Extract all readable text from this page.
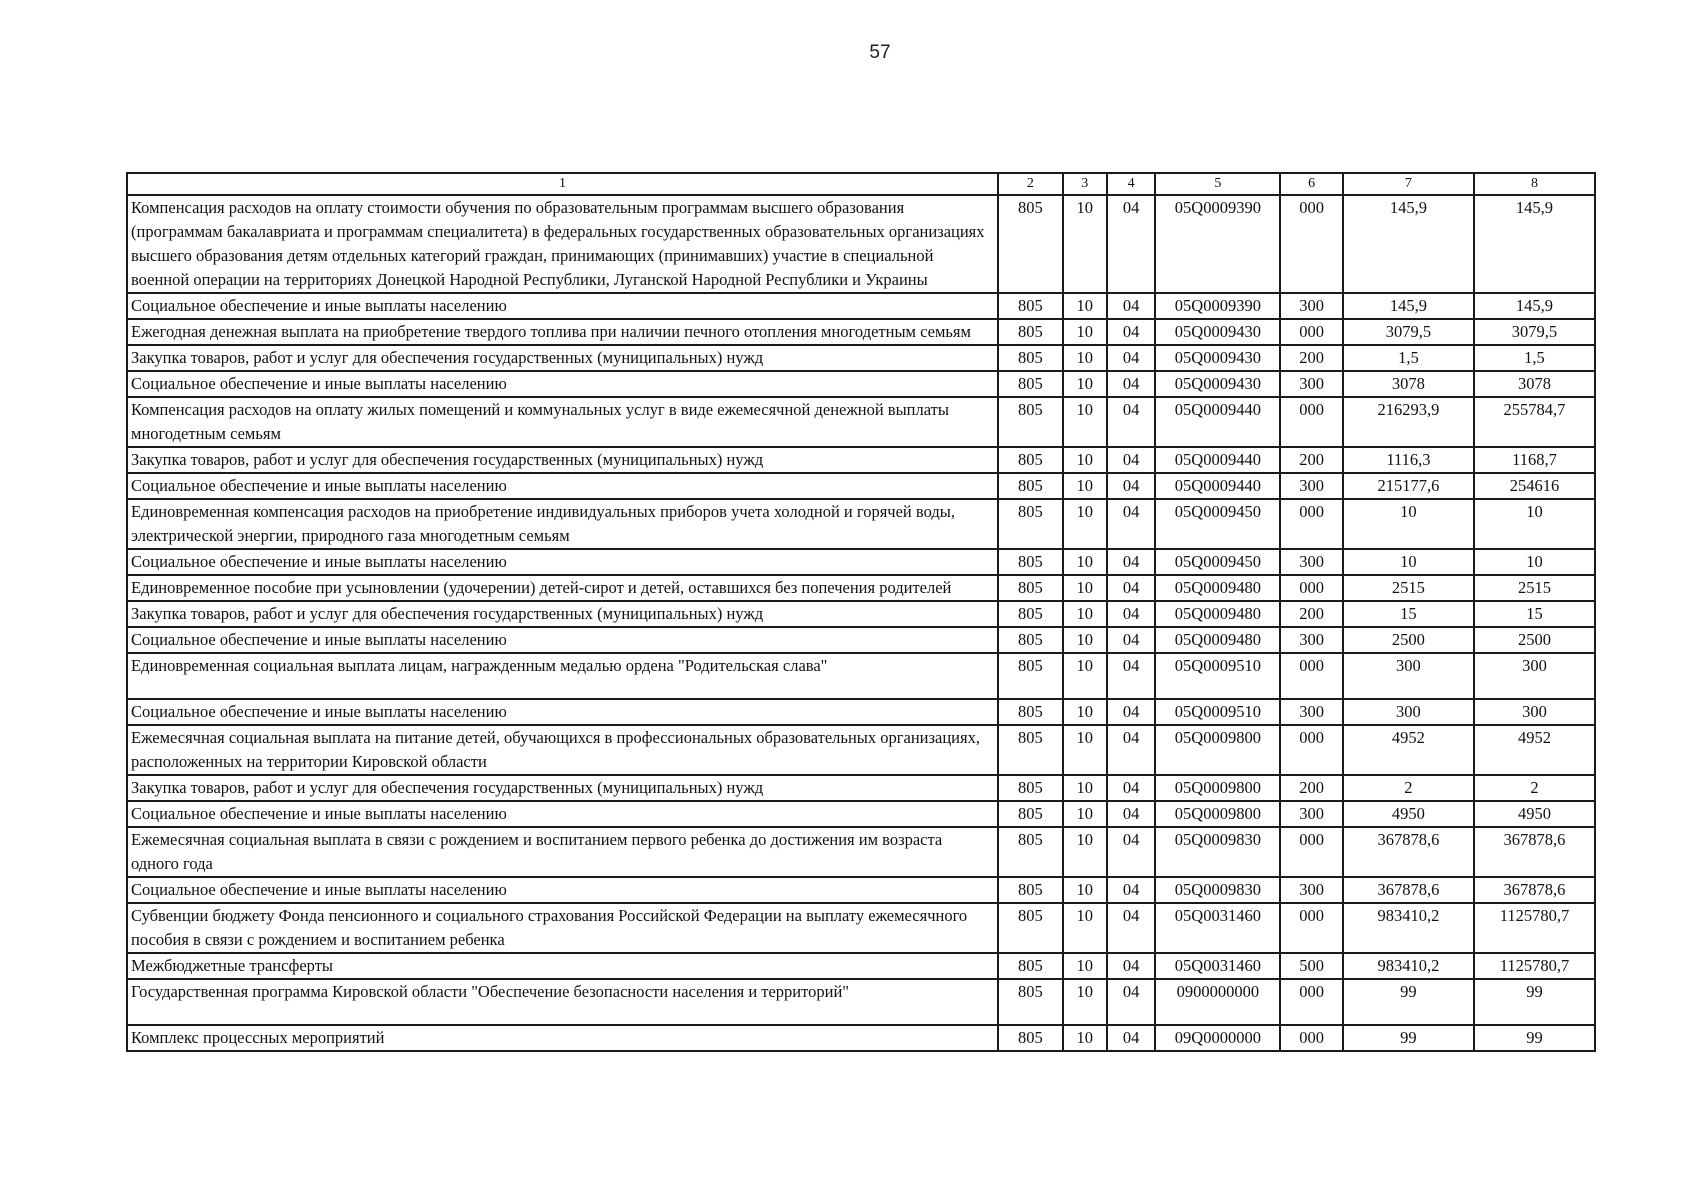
57
1	2	3	4	5	6	7	8
Компенсация расходов на оплату стоимости обучения по образовательным программам высшего образования (программам бакалавриата и программам специалитета) в федеральных государственных образовательных организациях высшего образования детям отдельных категорий граждан, принимающих (принимавших) участие в специальной военной операции на территориях Донецкой Народной Республики, Луганской Народной Республики и Украины	805	10	04	05Q0009390	000	145,9	145,9
Социальное обеспечение и иные выплаты населению	805	10	04	05Q0009390	300	145,9	145,9
Ежегодная денежная выплата на приобретение твердого топлива при наличии печного отопления многодетным семьям	805	10	04	05Q0009430	000	3079,5	3079,5
Закупка товаров, работ и услуг для обеспечения государственных (муниципальных) нужд	805	10	04	05Q0009430	200	1,5	1,5
Социальное обеспечение и иные выплаты населению	805	10	04	05Q0009430	300	3078	3078
Компенсация расходов на оплату жилых помещений и коммунальных услуг в виде ежемесячной денежной выплаты многодетным семьям	805	10	04	05Q0009440	000	216293,9	255784,7
Закупка товаров, работ и услуг для обеспечения государственных (муниципальных) нужд	805	10	04	05Q0009440	200	1116,3	1168,7
Социальное обеспечение и иные выплаты населению	805	10	04	05Q0009440	300	215177,6	254616
Единовременная компенсация расходов на приобретение индивидуальных приборов учета холодной и горячей воды, электрической энергии, природного газа многодетным семьям	805	10	04	05Q0009450	000	10	10
Социальное обеспечение и иные выплаты населению	805	10	04	05Q0009450	300	10	10
Единовременное пособие при усыновлении (удочерении) детей-сирот и детей, оставшихся без попечения родителей	805	10	04	05Q0009480	000	2515	2515
Закупка товаров, работ и услуг для обеспечения государственных (муниципальных) нужд	805	10	04	05Q0009480	200	15	15
Социальное обеспечение и иные выплаты населению	805	10	04	05Q0009480	300	2500	2500
Единовременная социальная выплата лицам, награжденным медалью ордена "Родительская слава"	805	10	04	05Q0009510	000	300	300
Социальное обеспечение и иные выплаты населению	805	10	04	05Q0009510	300	300	300
Ежемесячная социальная выплата на питание детей, обучающихся в профессиональных образовательных организациях, расположенных на территории Кировской области	805	10	04	05Q0009800	000	4952	4952
Закупка товаров, работ и услуг для обеспечения государственных (муниципальных) нужд	805	10	04	05Q0009800	200	2	2
Социальное обеспечение и иные выплаты населению	805	10	04	05Q0009800	300	4950	4950
Ежемесячная социальная выплата в связи с рождением и воспитанием первого ребенка до достижения им возраста одного года	805	10	04	05Q0009830	000	367878,6	367878,6
Социальное обеспечение и иные выплаты населению	805	10	04	05Q0009830	300	367878,6	367878,6
Субвенции бюджету Фонда пенсионного и социального страхования Российской Федерации на выплату ежемесячного пособия в связи с рождением и воспитанием ребенка	805	10	04	05Q0031460	000	983410,2	1125780,7
Межбюджетные трансферты	805	10	04	05Q0031460	500	983410,2	1125780,7
Государственная программа Кировской области "Обеспечение безопасности населения и территорий"	805	10	04	0900000000	000	99	99
Комплекс процессных мероприятий	805	10	04	09Q0000000	000	99	99
